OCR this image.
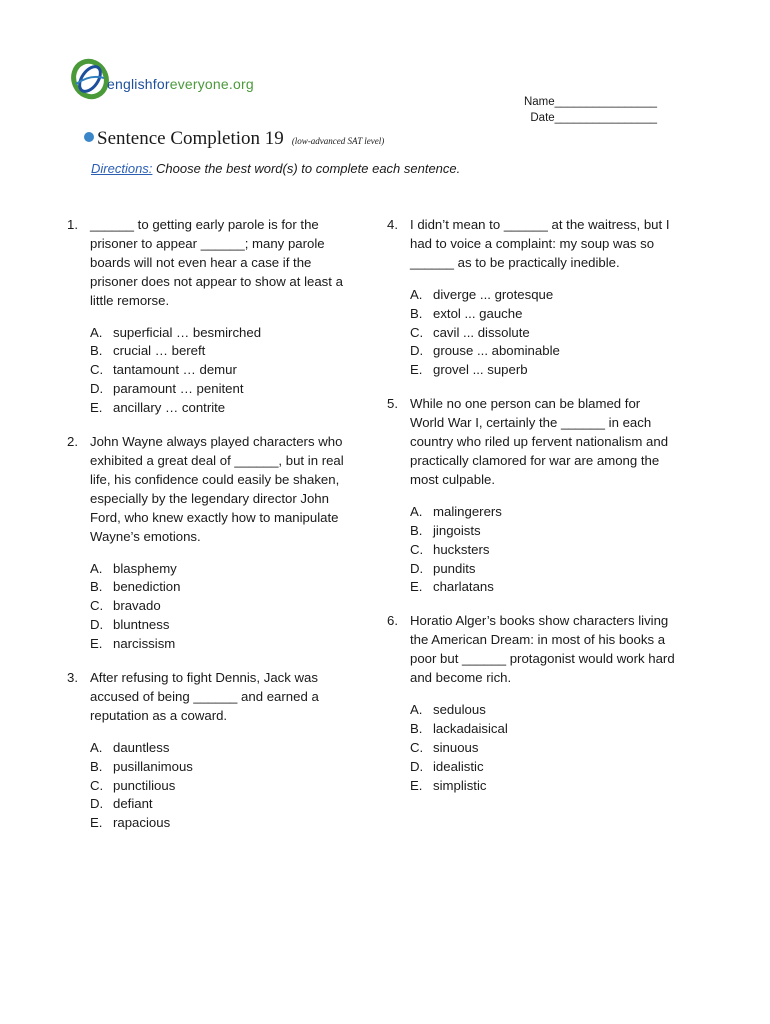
englishforeveryone.org
Name________________
Date________________
Sentence Completion 19 (low-advanced SAT level)
Directions: Choose the best word(s) to complete each sentence.
1. ______ to getting early parole is for the prisoner to appear ______; many parole boards will not even hear a case if the prisoner does not appear to show at least a little remorse.
A. superficial … besmirched
B. crucial … bereft
C. tantamount … demur
D. paramount … penitent
E. ancillary … contrite
2. John Wayne always played characters who exhibited a great deal of ______, but in real life, his confidence could easily be shaken, especially by the legendary director John Ford, who knew exactly how to manipulate Wayne’s emotions.
A. blasphemy
B. benediction
C. bravado
D. bluntness
E. narcissism
3. After refusing to fight Dennis, Jack was accused of being ______ and earned a reputation as a coward.
A. dauntless
B. pusillanimous
C. punctilious
D. defiant
E. rapacious
4. I didn’t mean to ______ at the waitress, but I had to voice a complaint: my soup was so ______ as to be practically inedible.
A. diverge ... grotesque
B. extol ... gauche
C. cavil ... dissolute
D. grouse ... abominable
E. grovel ... superb
5. While no one person can be blamed for World War I, certainly the ______ in each country who riled up fervent nationalism and practically clamored for war are among the most culpable.
A. malingerers
B. jingoists
C. hucksters
D. pundits
E. charlatans
6. Horatio Alger’s books show characters living the American Dream: in most of his books a poor but ______ protagonist would work hard and become rich.
A. sedulous
B. lackadaisical
C. sinuous
D. idealistic
E. simplistic
